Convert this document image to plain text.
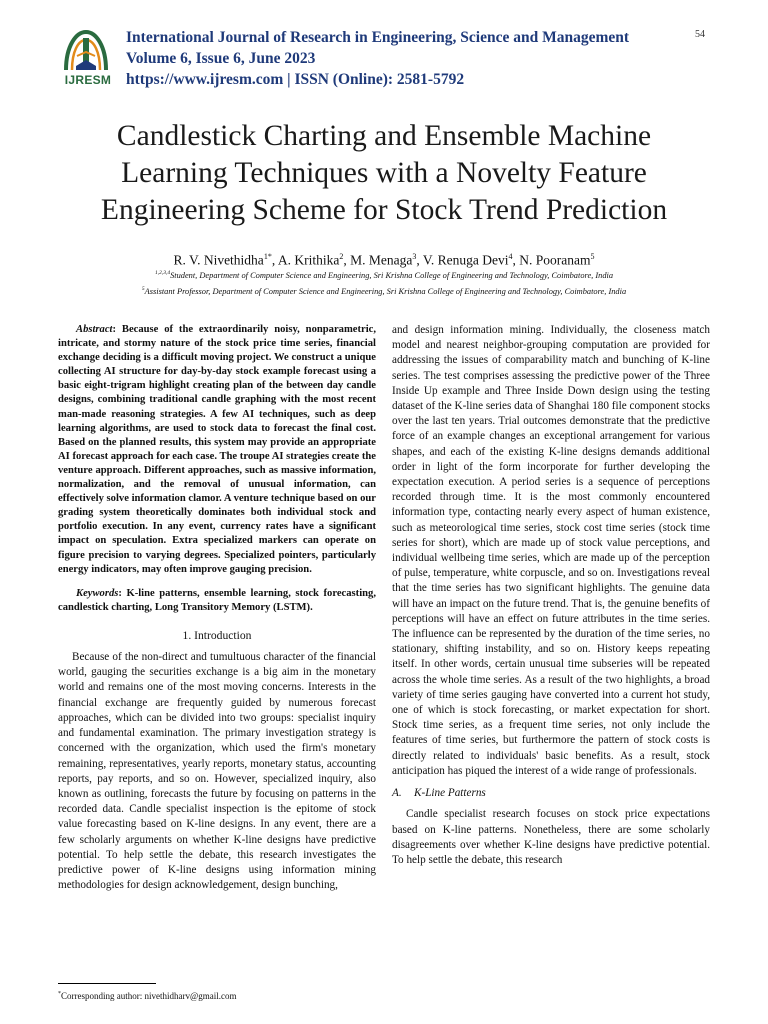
IJRESM
International Journal of Research in Engineering, Science and Management
Volume 6, Issue 6, June 2023
https://www.ijresm.com | ISSN (Online): 2581-5792
54
Candlestick Charting and Ensemble Machine
Learning Techniques with a Novelty Feature
Engineering Scheme for Stock Trend Prediction
R. V. Nivethidha$^{1*}$, A. Krithika$^2$, M. Menaga$^3$, V. Renuga Devi$^4$, N. Pooranam$^5$
$^{1,2,3,4}$Student, Department of Computer Science and Engineering, Sri Krishna College of Engineering and Technology, Coimbatore, India
$^5$Assistant Professor, Department of Computer Science and Engineering, Sri Krishna College of Engineering and Technology, Coimbatore, India

Abstract: Because of the extraordinarily noisy, nonparametric, intricate, and stormy nature of the stock price time series, financial exchange deciding is a difficult moving project. We construct a unique collecting AI structure for day-by-day stock example forecast using a basic eight-trigram highlight creating plan of the between day candle designs, combining traditional candle graphing with the most recent man-made reasoning strategies. A few AI techniques, such as deep learning algorithms, are used to stock data to forecast the final cost. Based on the planned results, this system may provide an appropriate AI forecast approach for each case. The troupe AI strategies create the venture approach. Different approaches, such as massive information, normalization, and the removal of unusual information, can effectively solve information clamor. A venture technique based on our grading system theoretically dominates both individual stock and portfolio execution. In any event, currency rates have a significant impact on speculation. Extra specialized markers can operate on figure precision to varying degrees. Specialized pointers, particularly energy indicators, may often improve gauging precision.

Keywords: K-line patterns, ensemble learning, stock forecasting, candlestick charting, Long Transitory Memory (LSTM).

1. Introduction

Because of the non-direct and tumultuous character of the financial world, gauging the securities exchange is a big aim in the monetary world and remains one of the most moving concerns. Interests in the financial exchange are frequently guided by numerous forecast approaches, which can be divided into two groups: specialist inquiry and fundamental examination. The primary investigation strategy is concerned with the organization, which used the firm's monetary remaining, representatives, yearly reports, monetary status, accounting reports, pay reports, and so on. However, specialized inquiry, also known as outlining, forecasts the future by focusing on patterns in the recorded data. Candle specialist inspection is the epitome of stock value forecasting based on K-line designs. In any event, there are a few scholarly arguments on whether K-line designs have predictive potential. To help settle the debate, this research investigates the predictive power of K-line designs using information mining methodologies for design acknowledgement, design bunching,

and design information mining. Individually, the closeness match model and nearest neighbor-grouping computation are provided for addressing the issues of comparability match and bunching of K-line series. The test comprises assessing the predictive power of the Three Inside Up example and Three Inside Down design using the testing dataset of the K-line series data of Shanghai 180 file component stocks over the last ten years. Trial outcomes demonstrate that the predictive force of an example changes an exceptional arrangement for various shapes, and each of the existing K-line designs demands additional order in light of the form incorporate for further developing the expectation execution. A period series is a sequence of perceptions recorded through time. It is the most commonly encountered information type, contacting nearly every aspect of human existence, such as meteorological time series, stock cost time series (stock time series for short), which are made up of stock value perceptions, and individual wellbeing time series, which are made up of the perception of pulse, temperature, white corpuscle, and so on. Investigations reveal that the time series has two significant highlights. The genuine data will have an impact on the future trend. That is, the genuine benefits of perceptions will have an effect on future attributes in the time series. The influence can be represented by the duration of the time series, no stationary, shifting instability, and so on. History keeps repeating itself. In other words, certain unusual time subseries will be repeated across the whole time series. As a result of the two highlights, a broad variety of time series gauging have converted into a current hot study, one of which is stock forecasting, or market expectation for short. Stock time series, as a frequent time series, not only include the features of time series, but furthermore the pattern of stock costs is directly related to individuals' basic benefits. As a result, stock anticipation has piqued the interest of a wide range of professionals.

A. K-Line Patterns

Candle specialist research focuses on stock price expectations based on K-line patterns. Nonetheless, there are some scholarly disagreements over whether K-line designs have predictive potential. To help settle the debate, this research

*Corresponding author: nivethidharv@gmail.com
